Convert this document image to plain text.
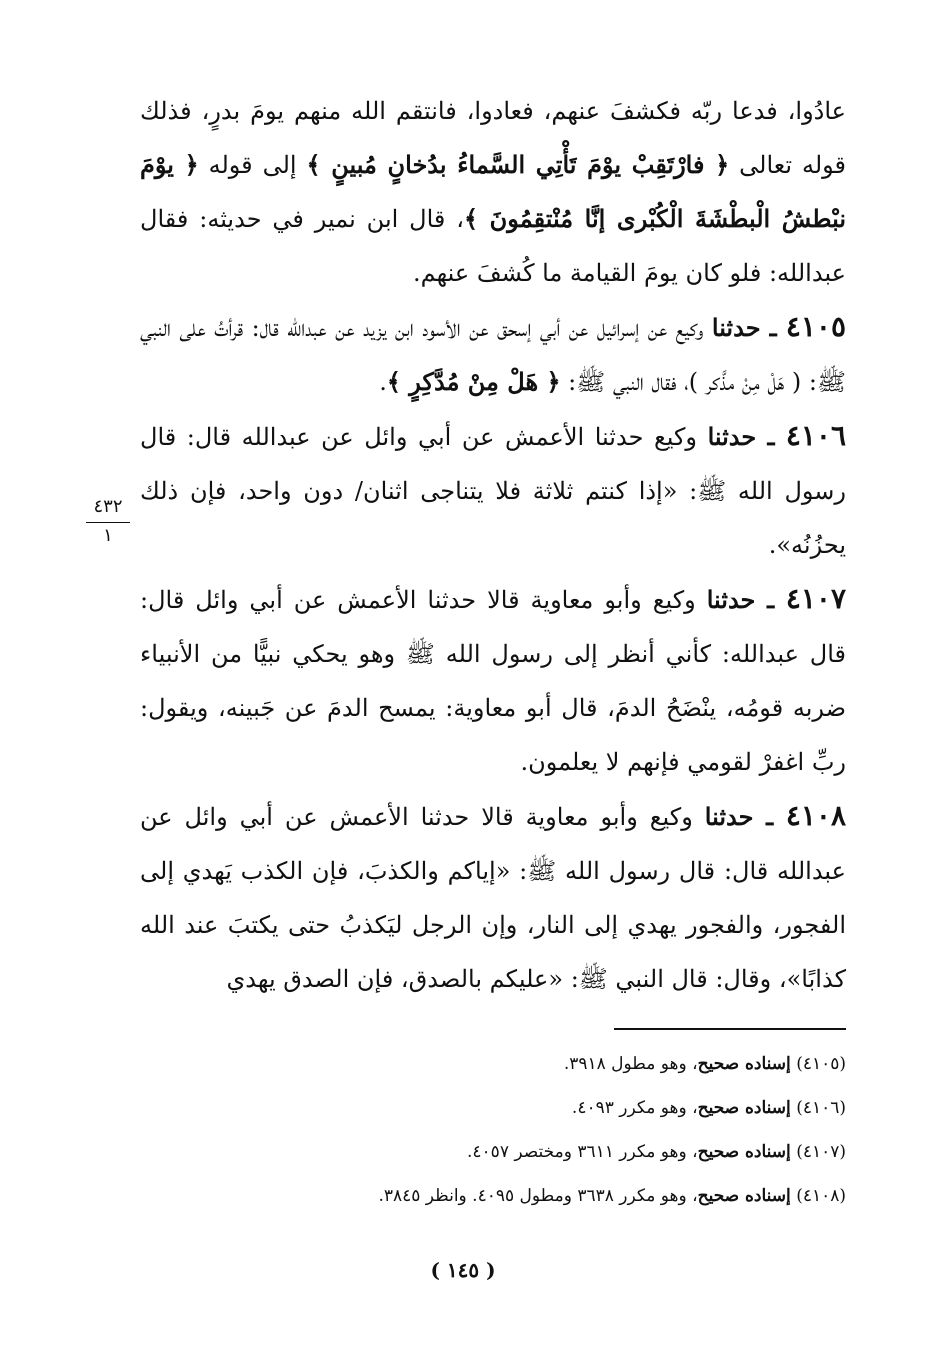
عادُوا، فدعا ربّه فكشفَ عنهم، فعادوا، فانتقم الله منهم يومَ بدرٍ، فذلك قوله تعالى ﴿ فارْتَقِبْ يوْمَ تَأْتِي السَّماءُ بدُخانٍ مُبينٍ ﴾ إلى قوله ﴿ يوْمَ نبْطشُ الْبطْشَةَ الْكُبْرى إنَّا مُنْتقِمُونَ ﴾، قال ابن نمير في حديثه: فقال عبدالله: فلو كان يومَ القيامة ما كُشفَ عنهم.

٤١٠٥ ـ حدثنا وكيع عن إسرائيل عن أبي إسحق عن الأسود ابن يزيد عن عبدالله قال: قرأتُ على النبي ﷺ: ( هَلْ مِنْ مذَّكر )، فقال النبي ﷺ: ﴿ هَلْ مِنْ مُدَّكِرٍ ﴾.

٤١٠٦ ـ حدثنا وكيع حدثنا الأعمش عن أبي وائل عن عبدالله قال: قال رسول الله ﷺ: «إذا كنتم ثلاثة فلا يتناجى اثنان/ دون واحد، فإن ذلك يحزُنُه».

٤١٠٧ ـ حدثنا وكيع وأبو معاوية قالا حدثنا الأعمش عن أبي وائل قال: قال عبدالله: كأني أنظر إلى رسول الله ﷺ وهو يحكي نبيًّا من الأنبياء ضربه قومُه، ينْضَحُ الدمَ، قال أبو معاوية: يمسح الدمَ عن جَبينه، ويقول: ربِّ اغفرْ لقومي فإنهم لا يعلمون.

٤١٠٨ ـ حدثنا وكيع وأبو معاوية قالا حدثنا الأعمش عن أبي وائل عن عبدالله قال: قال رسول الله ﷺ: «إياكم والكذبَ، فإن الكذب يَهدي إلى الفجور، والفجور يهدي إلى النار، وإن الرجل ليَكذبُ حتى يكتبَ عند الله كذابًا»، وقال: قال النبي ﷺ: «عليكم بالصدق، فإن الصدق يهدي

٤٣٢
١

(٤١٠٥) إسناده صحيح، وهو مطول ٣٩١٨.

(٤١٠٦) إسناده صحيح، وهو مكرر ٤٠٩٣.

(٤١٠٧) إسناده صحيح، وهو مكرر ٣٦١١ ومختصر ٤٠٥٧.

(٤١٠٨) إسناده صحيح، وهو مكرر ٣٦٣٨ ومطول ٤٠٩٥. وانظر ٣٨٤٥.

( ١٤٥ )
